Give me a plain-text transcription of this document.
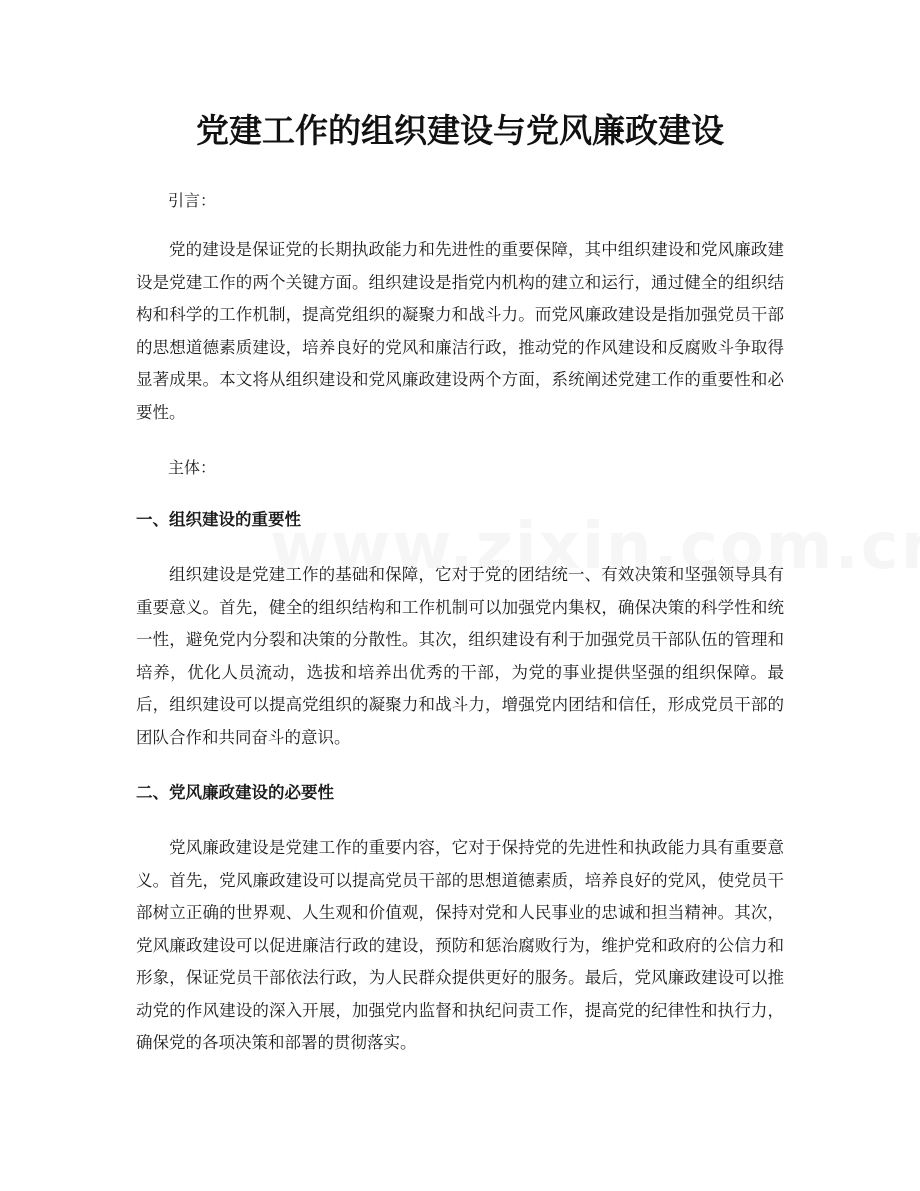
党建工作的组织建设与党风廉政建设

引言：

党的建设是保证党的长期执政能力和先进性的重要保障，其中组织建设和党风廉政建设是党建工作的两个关键方面。组织建设是指党内机构的建立和运行，通过健全的组织结构和科学的工作机制，提高党组织的凝聚力和战斗力。而党风廉政建设是指加强党员干部的思想道德素质建设，培养良好的党风和廉洁行政，推动党的作风建设和反腐败斗争取得显著成果。本文将从组织建设和党风廉政建设两个方面，系统阐述党建工作的重要性和必要性。

主体：

一、组织建设的重要性

组织建设是党建工作的基础和保障，它对于党的团结统一、有效决策和坚强领导具有重要意义。首先，健全的组织结构和工作机制可以加强党内集权，确保决策的科学性和统一性，避免党内分裂和决策的分散性。其次，组织建设有利于加强党员干部队伍的管理和培养，优化人员流动，选拔和培养出优秀的干部，为党的事业提供坚强的组织保障。最后，组织建设可以提高党组织的凝聚力和战斗力，增强党内团结和信任，形成党员干部的团队合作和共同奋斗的意识。

二、党风廉政建设的必要性

党风廉政建设是党建工作的重要内容，它对于保持党的先进性和执政能力具有重要意义。首先，党风廉政建设可以提高党员干部的思想道德素质，培养良好的党风，使党员干部树立正确的世界观、人生观和价值观，保持对党和人民事业的忠诚和担当精神。其次，党风廉政建设可以促进廉洁行政的建设，预防和惩治腐败行为，维护党和政府的公信力和形象，保证党员干部依法行政，为人民群众提供更好的服务。最后，党风廉政建设可以推动党的作风建设的深入开展，加强党内监督和执纪问责工作，提高党的纪律性和执行力，确保党的各项决策和部署的贯彻落实。
